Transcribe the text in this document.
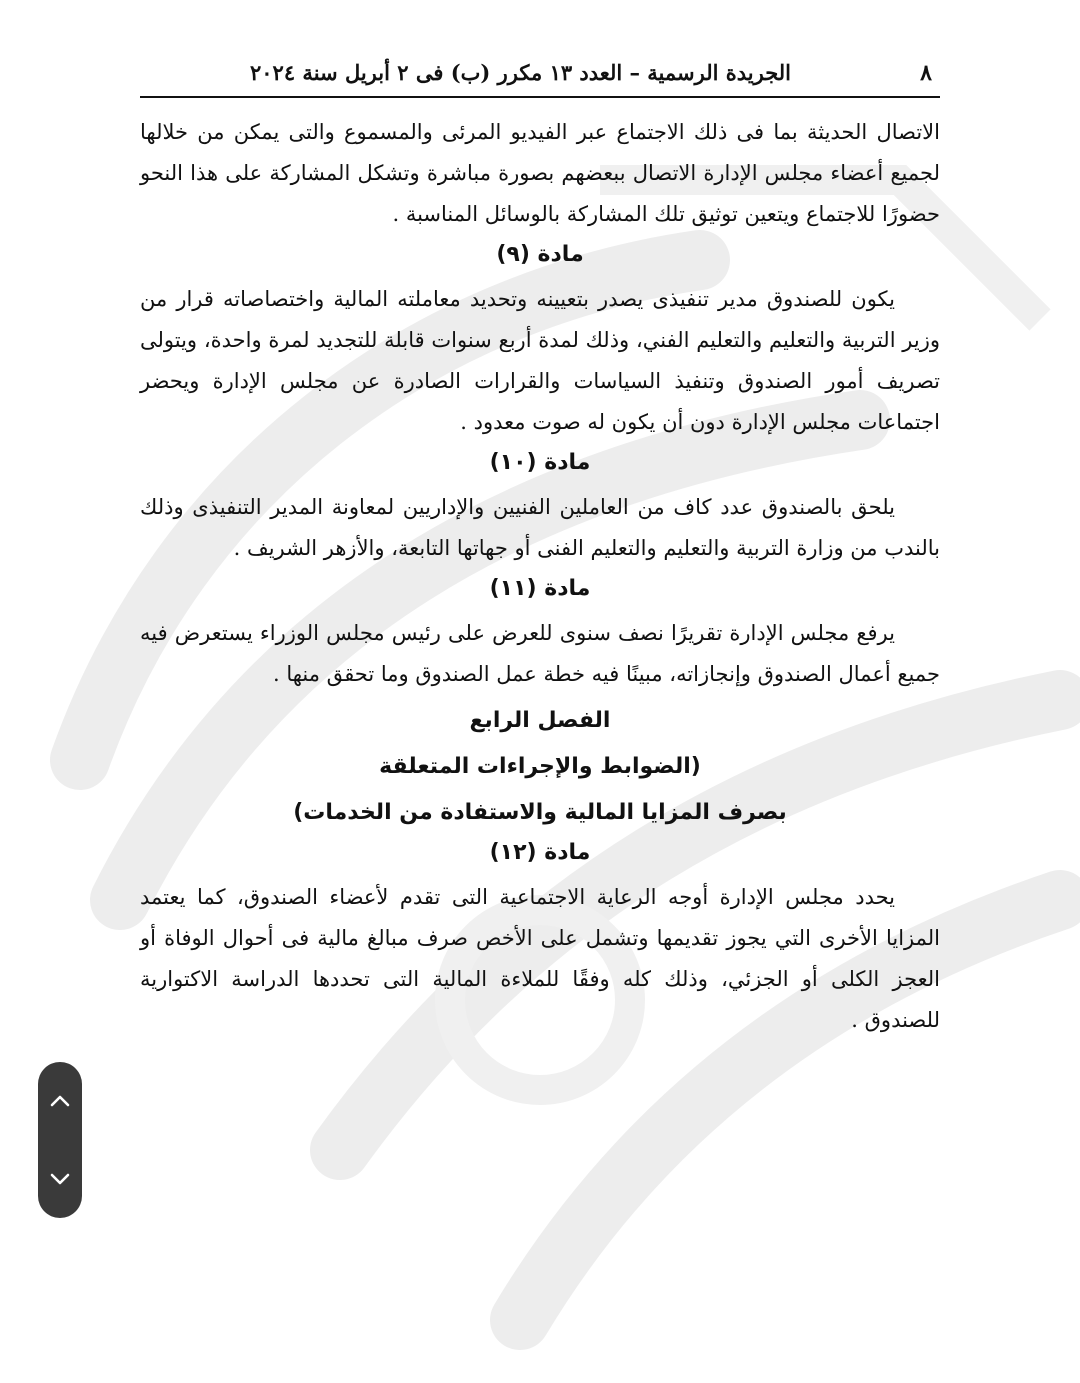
٨
الجريدة الرسمية – العدد ١٣ مكرر (ب) فى ٢ أبريل سنة ٢٠٢٤

الاتصال الحديثة بما فى ذلك الاجتماع عبر الفيديو المرئى والمسموع والتى يمكن من خلالها لجميع أعضاء مجلس الإدارة الاتصال ببعضهم بصورة مباشرة وتشكل المشاركة على هذا النحو حضورًا للاجتماع ويتعين توثيق تلك المشاركة بالوسائل المناسبة .

مادة (٩)

يكون للصندوق مدير تنفيذى يصدر بتعيينه وتحديد معاملته المالية واختصاصاته قرار من وزير التربية والتعليم والتعليم الفني، وذلك لمدة أربع سنوات قابلة للتجديد لمرة واحدة، ويتولى تصريف أمور الصندوق وتنفيذ السياسات والقرارات الصادرة عن مجلس الإدارة ويحضر اجتماعات مجلس الإدارة دون أن يكون له صوت معدود .

مادة (١٠)

يلحق بالصندوق عدد كاف من العاملين الفنيين والإداريين لمعاونة المدير التنفيذى وذلك بالندب من وزارة التربية والتعليم والتعليم الفنى أو جهاتها التابعة، والأزهر الشريف .

مادة (١١)

يرفع مجلس الإدارة تقريرًا نصف سنوى للعرض على رئيس مجلس الوزراء يستعرض فيه جميع أعمال الصندوق وإنجازاته، مبينًا فيه خطة عمل الصندوق وما تحقق منها .

الفصل الرابع
(الضوابط والإجراءات المتعلقة
بصرف المزايا المالية والاستفادة من الخدمات)
مادة (١٢)

يحدد مجلس الإدارة أوجه الرعاية الاجتماعية التى تقدم لأعضاء الصندوق، كما يعتمد المزايا الأخرى التي يجوز تقديمها وتشمل على الأخص صرف مبالغ مالية فى أحوال الوفاة أو العجز الكلى أو الجزئي، وذلك كله وفقًا للملاءة المالية التى تحددها الدراسة الاكتوارية للصندوق .
